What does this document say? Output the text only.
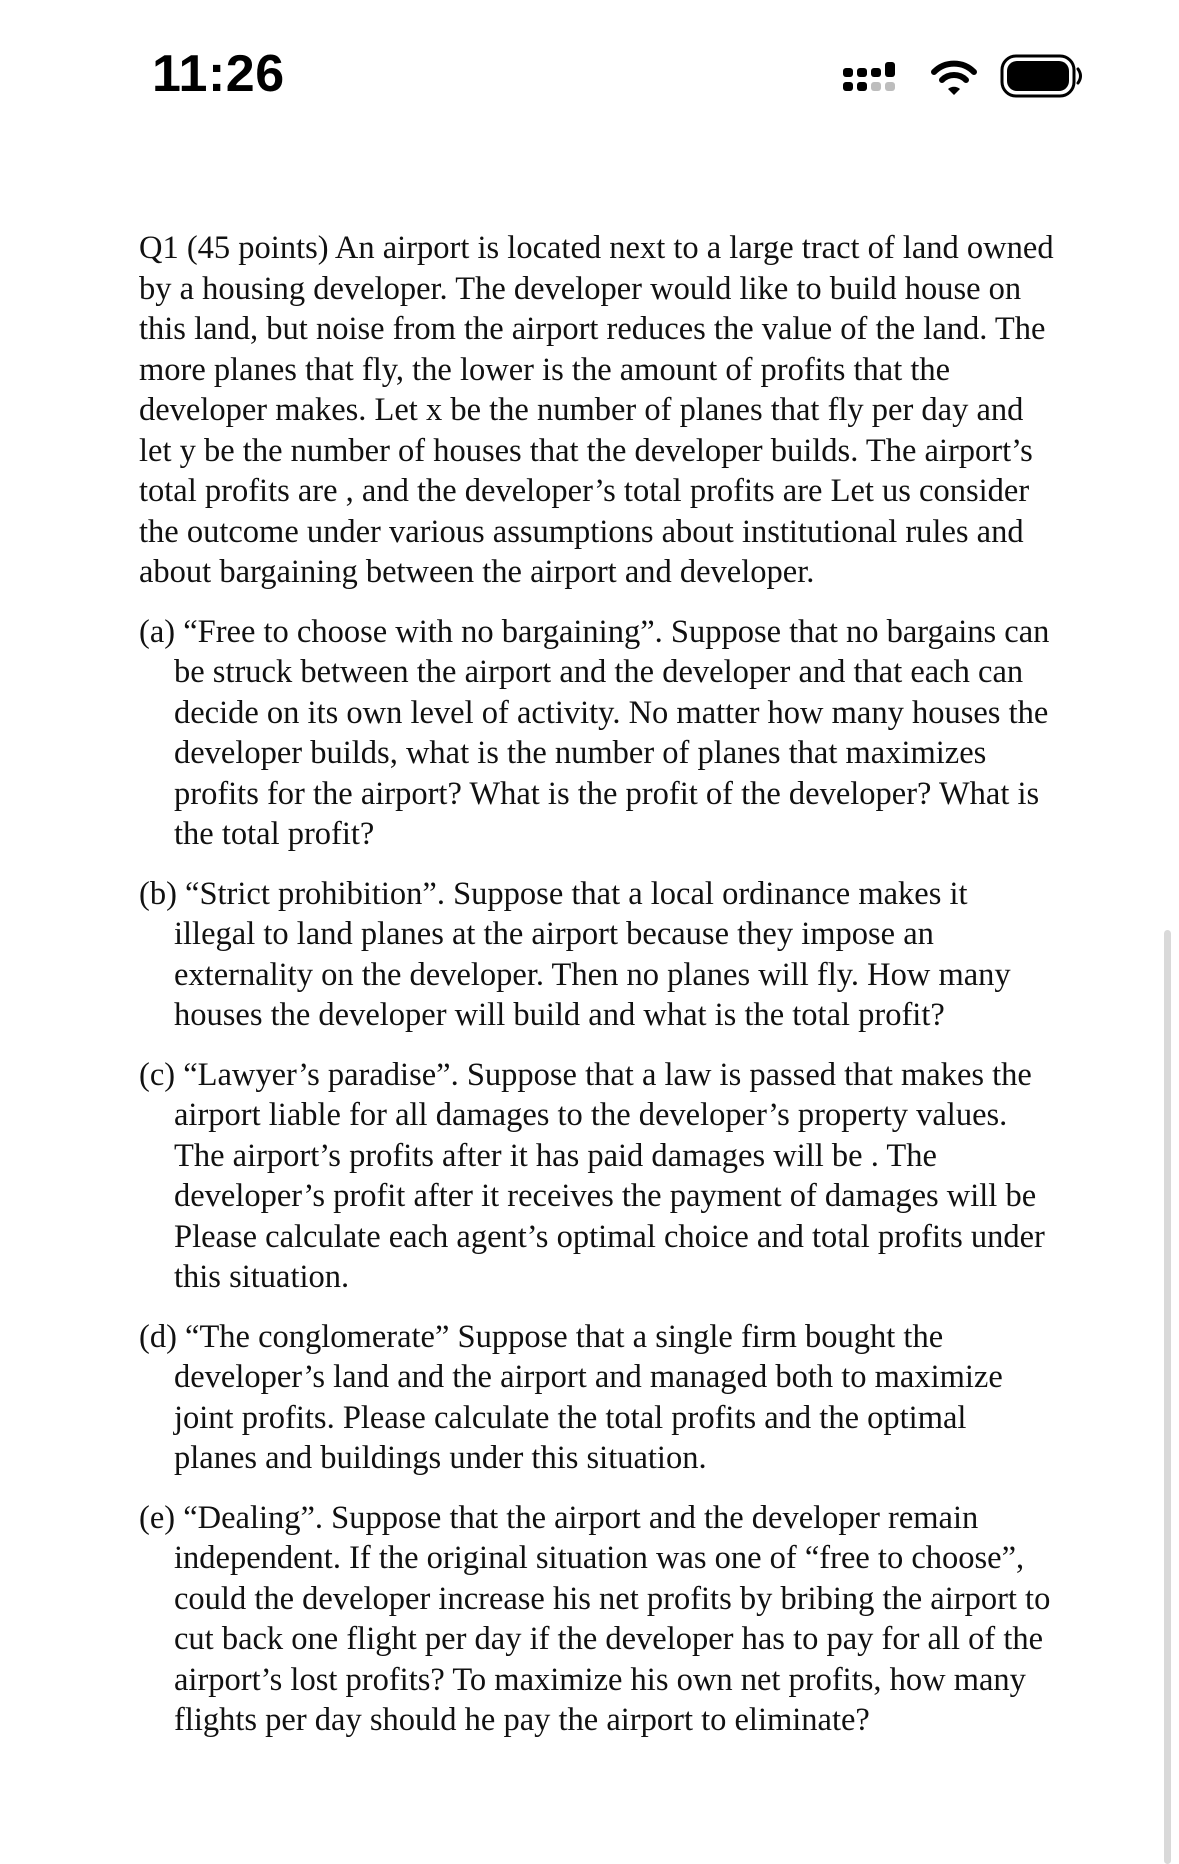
11:26

Q1 (45 points) An airport is located next to a large tract of land owned by a housing developer. The developer would like to build house on this land, but noise from the airport reduces the value of the land. The more planes that fly, the lower is the amount of profits that the developer makes. Let x be the number of planes that fly per day and let y be the number of houses that the developer builds. The airport’s total profits are , and the developer’s total profits are Let us consider the outcome under various assumptions about institutional rules and about bargaining between the airport and developer.

(a) “Free to choose with no bargaining”. Suppose that no bargains can be struck between the airport and the developer and that each can decide on its own level of activity. No matter how many houses the developer builds, what is the number of planes that maximizes profits for the airport? What is the profit of the developer? What is the total profit?

(b) “Strict prohibition”. Suppose that a local ordinance makes it illegal to land planes at the airport because they impose an externality on the developer. Then no planes will fly. How many houses the developer will build and what is the total profit?

(c) “Lawyer’s paradise”. Suppose that a law is passed that makes the airport liable for all damages to the developer’s property values. The airport’s profits after it has paid damages will be . The developer’s profit after it receives the payment of damages will be Please calculate each agent’s optimal choice and total profits under this situation.

(d) “The conglomerate” Suppose that a single firm bought the developer’s land and the airport and managed both to maximize joint profits. Please calculate the total profits and the optimal planes and buildings under this situation.

(e) “Dealing”. Suppose that the airport and the developer remain independent. If the original situation was one of “free to choose”, could the developer increase his net profits by bribing the airport to cut back one flight per day if the developer has to pay for all of the airport’s lost profits? To maximize his own net profits, how many flights per day should he pay the airport to eliminate?
